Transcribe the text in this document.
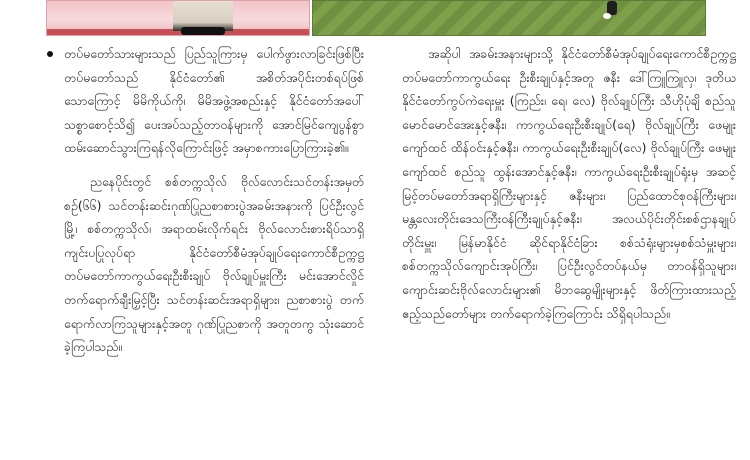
တပ်မတော်သားများသည် ပြည်သူကြားမှ ပေါက်ဖွားလာခြင်းဖြစ်ပြီး တပ်မတော်သည် နိုင်ငံတော်၏ အစိတ်အပိုင်းတစ်ရပ်ဖြစ်သောကြောင့် မိမိကိုယ်ကို၊ မိမိအဖွဲ့အစည်းနှင့် နိုင်ငံတော်အပေါ် သစ္စာစောင့်သိ၍ ပေးအပ်သည့်တာဝန်များကို အောင်မြင်ကျေပွန်စွာ ထမ်းဆောင်သွားကြရန်လိုကြောင်းဖြင့် အမှာစကားပြောကြားခဲ့၏။

ညနေပိုင်းတွင် စစ်တက္ကသိုလ် ဗိုလ်လောင်းသင်တန်းအမှတ်စဉ်(၆၆) သင်တန်းဆင်းဂုဏ်ပြုညစာစားပွဲအခမ်းအနားကို ပြင်ဦးလွင်မြို့၊ စစ်တက္ကသိုလ်၊ အရာထမ်းလိုက်ရင်း ဗိုလ်လောင်းစားရိပ်သာရှိ ကျင်းပပြုလုပ်ရာ နိုင်ငံတော်စီမံအုပ်ချုပ်ရေးကောင်စီဥက္ကဋ္ဌ တပ်မတော်ကာကွယ်ရေးဦးစီးချုပ် ဗိုလ်ချုပ်မှူးကြီး မင်းအောင်လှိုင် တက်ရောက်ချီးမြှင့်ပြီး သင်တန်းဆင်းအရာရှိများ၊ ညစာစားပွဲ တက်ရောက်လာကြသူများနှင့်အတူ ဂုဏ်ပြုညစာကို အတူတကွ သုံးဆောင်ခဲ့ကြပါသည်။

အဆိုပါ အခမ်းအနားများသို့ နိုင်ငံတော်စီမံအုပ်ချုပ်ရေးကောင်စီဥက္ကဋ္ဌ တပ်မတော်ကာကွယ်ရေး ဦးစီးချုပ်နှင့်အတူ ဇနီး ဒေါ်ကြူကြူလှ၊ ဒုတိယနိုင်ငံတော်ကွပ်ကဲရေးမှူး (ကြည်း၊ ရေ၊ လေ) ဗိုလ်ချုပ်ကြီး သီဟိုပုံချိ စည်သူ မောင်မောင်အေးနှင့်ဇနီး၊ ကာကွယ်ရေးဦးစီးချုပ်(ရေ) ဗိုလ်ချုပ်ကြီး ဖေမျုး​ကျော်ထင် ထိန်ဝင်းနှင့်ဇနီး၊ ကာကွယ်ရေးဦးစီးချုပ်(လေ) ဗိုလ်ချုပ်ကြီး ဖေမျုး​ကျော်ထင် စည်သူ ထွန်းအောင်နှင့်ဇနီး၊ ကာကွယ်ရေးဦးစီးချုပ်ရုံးမှ အဆင့်မြင့်တပ်မတော်အရာရှိကြီးများနှင့် ဇနီးများ၊ ပြည်ထောင်စုဝန်ကြီးများ၊ မန္တလေးတိုင်းဒေသကြီးဝန်ကြီးချုပ်နှင့်ဇနီး၊ အလယ်ပိုင်းတိုင်းစစ်ဌာနချုပ် တိုင်းမှူး၊ မြန်မာနိုင်ငံ ဆိုင်ရာနိုင်ငံခြား စစ်သံရုံးများမှစစ်သံမှူးများ၊ စစ်တက္ကသိုလ်ကျောင်းအုပ်ကြီး၊ ပြင်ဦးလွင်တပ်နယ်မှ တာဝန်ရှိသူများ၊ ကျောင်းဆင်းဗိုလ်လောင်းများ၏ မိဘဆွေမျိုးများနှင့် ဖိတ်ကြားထားသည့် ဧည့်သည်တော်များ တက်ရောက်ခဲ့ကြကြောင်း သိရှိရပါသည်။
